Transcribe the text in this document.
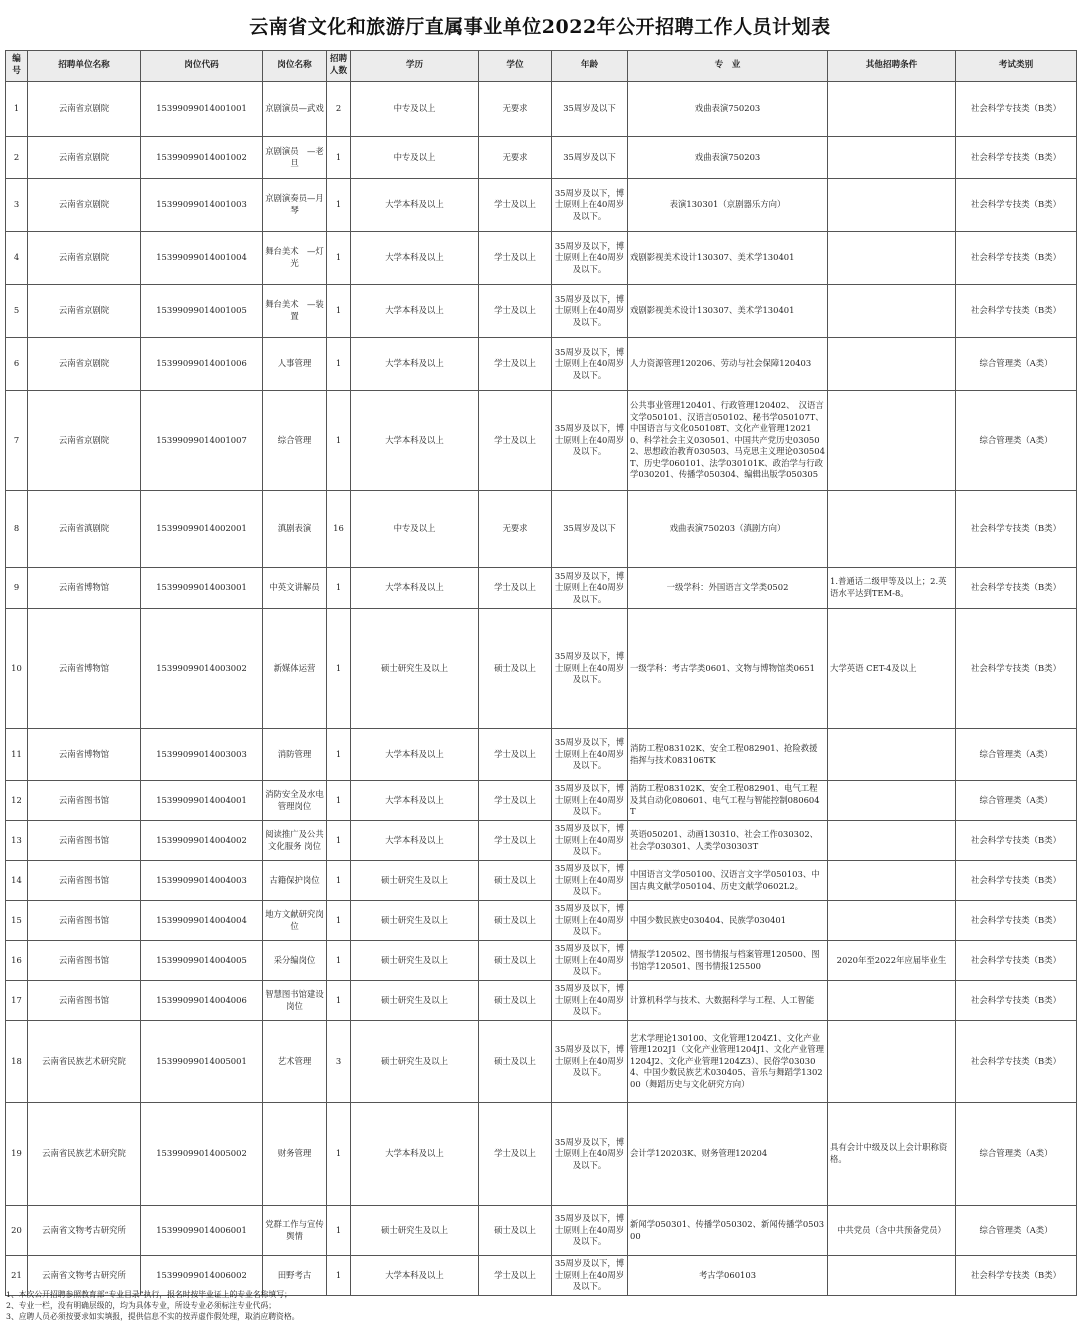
云南省文化和旅游厅直属事业单位2022年公开招聘工作人员计划表
编号	招聘单位名称	岗位代码	岗位名称	招聘人数	学历	学位	年龄	专　业	其他招聘条件	考试类别
1	云南省京剧院	15399099014001001	京剧演员—武戏	2	中专及以上	无要求	35周岁及以下	戏曲表演750203		社会科学专技类（B类）
2	云南省京剧院	15399099014001002	京剧演员　—老旦	1	中专及以上	无要求	35周岁及以下	戏曲表演750203		社会科学专技类（B类）
3	云南省京剧院	15399099014001003	京剧演奏员—月琴	1	大学本科及以上	学士及以上	35周岁及以下，博士原则上在40周岁及以下。	表演130301（京剧器乐方向）		社会科学专技类（B类）
4	云南省京剧院	15399099014001004	舞台美术　—灯光	1	大学本科及以上	学士及以上	35周岁及以下，博士原则上在40周岁及以下。	戏剧影视美术设计130307、美术学130401		社会科学专技类（B类）
5	云南省京剧院	15399099014001005	舞台美术　—装置	1	大学本科及以上	学士及以上	35周岁及以下，博士原则上在40周岁及以下。	戏剧影视美术设计130307、美术学130401		社会科学专技类（B类）
6	云南省京剧院	15399099014001006	人事管理	1	大学本科及以上	学士及以上	35周岁及以下，博士原则上在40周岁及以下。	人力资源管理120206、劳动与社会保障120403		综合管理类（A类）
7	云南省京剧院	15399099014001007	综合管理	1	大学本科及以上	学士及以上	35周岁及以下，博士原则上在40周岁及以下。	公共事业管理120401、行政管理120402、　汉语言文学050101、汉语言050102、秘书学050107T、中国语言与文化050108T、文化产业管理120210、科学社会主义030501、中国共产党历史030502、思想政治教育030503、马克思主义理论030504T、历史学060101、法学030101K、政治学与行政学030201、传播学050304、编辑出版学050305		综合管理类（A类）
8	云南省滇剧院	15399099014002001	滇剧表演	16	中专及以上	无要求	35周岁及以下	戏曲表演750203（滇剧方向）		社会科学专技类（B类）
9	云南省博物馆	15399099014003001	中英文讲解员	1	大学本科及以上	学士及以上	35周岁及以下，博士原则上在40周岁及以下。	一级学科：外国语言文学类0502	1.普通话二级甲等及以上；2.英语水平达到TEM-8。	社会科学专技类（B类）
10	云南省博物馆	15399099014003002	新媒体运营	1	硕士研究生及以上	硕士及以上	35周岁及以下，博士原则上在40周岁及以下。	一级学科：考古学类0601、文物与博物馆类0651	大学英语 CET-4及以上	社会科学专技类（B类）
11	云南省博物馆	15399099014003003	消防管理	1	大学本科及以上	学士及以上	35周岁及以下，博士原则上在40周岁及以下。	消防工程083102K、安全工程082901、抢险救援指挥与技术083106TK		综合管理类（A类）
12	云南省图书馆	15399099014004001	消防安全及水电管理岗位	1	大学本科及以上	学士及以上	35周岁及以下，博士原则上在40周岁及以下。	消防工程083102K、安全工程082901、电气工程及其自动化080601、电气工程与智能控制080604T		综合管理类（A类）
13	云南省图书馆	15399099014004002	阅读推广及公共文化服务 岗位	1	大学本科及以上	学士及以上	35周岁及以下，博士原则上在40周岁及以下。	英语050201、动画130310、社会工作030302、社会学030301、人类学030303T		社会科学专技类（B类）
14	云南省图书馆	15399099014004003	古籍保护岗位	1	硕士研究生及以上	硕士及以上	35周岁及以下，博士原则上在40周岁及以下。	中国语言文学050100、汉语言文字学050103、中国古典文献学050104、历史文献学0602L2。		社会科学专技类（B类）
15	云南省图书馆	15399099014004004	地方文献研究岗位	1	硕士研究生及以上	硕士及以上	35周岁及以下，博士原则上在40周岁及以下。	中国少数民族史030404、民族学030401		社会科学专技类（B类）
16	云南省图书馆	15399099014004005	采分编岗位	1	硕士研究生及以上	硕士及以上	35周岁及以下，博士原则上在40周岁及以下。	情报学120502、图书情报与档案管理120500、图书馆学120501、图书情报125500	2020年至2022年应届毕业生	社会科学专技类（B类）
17	云南省图书馆	15399099014004006	智慧图书馆建设岗位	1	硕士研究生及以上	硕士及以上	35周岁及以下，博士原则上在40周岁及以下。	计算机科学与技术、大数据科学与工程、人工智能		社会科学专技类（B类）
18	云南省民族艺术研究院	15399099014005001	艺术管理	3	硕士研究生及以上	硕士及以上	35周岁及以下，博士原则上在40周岁及以下。	艺术学理论130100、文化管理1204Z1、文化产业管理1202J1（文化产业管理1204J1、文化产业管理1204J2、文化产业管理1204Z3）、民俗学030304、中国少数民族艺术030405、音乐与舞蹈学130200（舞蹈历史与文化研究方向）		社会科学专技类（B类）
19	云南省民族艺术研究院	15399099014005002	财务管理	1	大学本科及以上	学士及以上	35周岁及以下，博士原则上在40周岁及以下。	会计学120203K、财务管理120204	具有会计中级及以上会计职称资格。	综合管理类（A类）
20	云南省文物考古研究所	15399099014006001	党群工作与宣传舆情	1	硕士研究生及以上	硕士及以上	35周岁及以下，博士原则上在40周岁及以下。	新闻学050301、传播学050302、新闻传播学050300	中共党员（含中共预备党员）	综合管理类（A类）
21	云南省文物考古研究所	15399099014006002	田野考古	1	大学本科及以上	学士及以上	35周岁及以下，博士原则上在40周岁及以下。	考古学060103		社会科学专技类（B类）

1、本次公开招聘参照教育部“专业目录”执行，报名时按毕业证上的专业名称填写；

2、专业一栏，没有明确层级的，均为具体专业，所设专业必须标注专业代码；

3、应聘人员必须按要求如实填报，提供信息不实的按弄虚作假处理，取消应聘资格。
